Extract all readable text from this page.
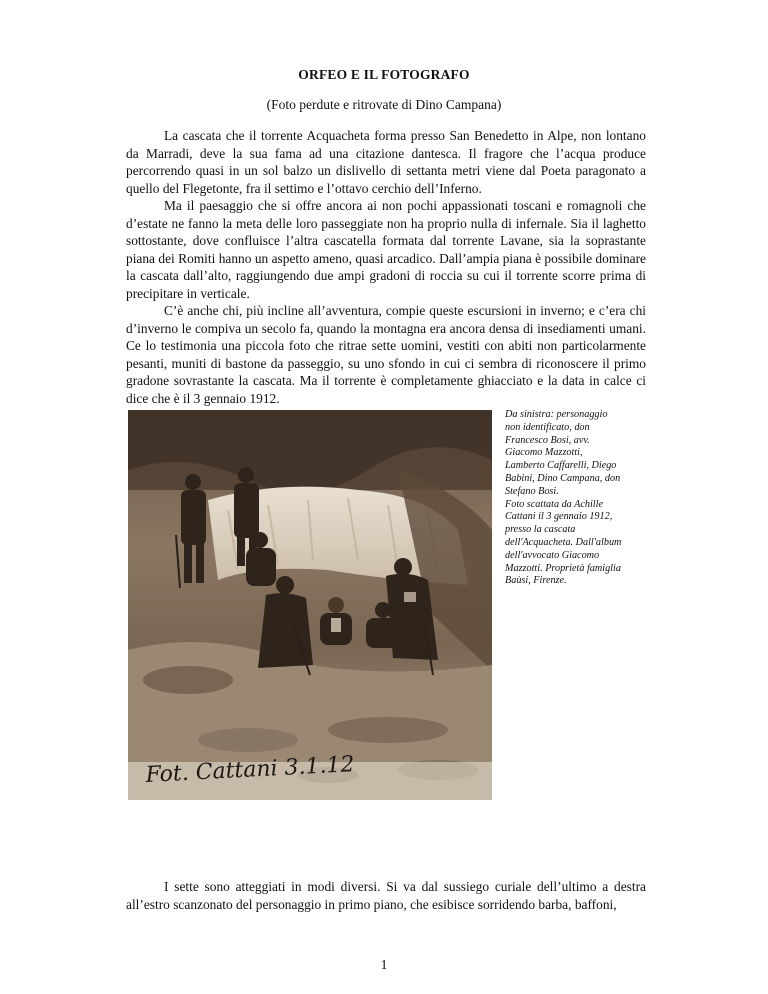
ORFEO E IL FOTOGRAFO
(Foto perdute e ritrovate di Dino Campana)

La cascata che il torrente Acquacheta forma presso San Benedetto in Alpe, non lontano da Marradi, deve la sua fama ad una citazione dantesca. Il fragore che l’acqua produce percorrendo quasi in un sol balzo un dislivello di settanta metri viene dal Poeta paragonato a quello del Flegetonte, fra il settimo e l’ottavo cerchio dell’Inferno.

Ma il paesaggio che si offre ancora ai non pochi appassionati toscani e romagnoli che d’estate ne fanno la meta delle loro passeggiate non ha proprio nulla di infernale. Sia il laghetto sottostante, dove confluisce l’altra cascatella formata dal torrente Lavane, sia la soprastante piana dei Romiti hanno un aspetto ameno, quasi arcadico. Dall’ampia piana è possibile dominare la cascata dall’alto, raggiungendo due ampi gradoni di roccia su cui il torrente scorre prima di precipitare in verticale.

C’è anche chi, più incline all’avventura, compie queste escursioni in inverno; e c’era chi d’inverno le compiva un secolo fa, quando la montagna era ancora densa di insediamenti umani. Ce lo testimonia una piccola foto che ritrae sette uomini, vestiti con abiti non particolarmente pesanti, muniti di bastone da passeggio, su uno sfondo in cui ci sembra di riconoscere il primo gradone sovrastante la cascata. Ma il torrente è completamente ghiacciato e la data in calce ci dice che è il 3 gennaio 1912.

Fot. Cattani 3.1.12
Da sinistra: personaggio
non identificato, don
Francesco Bosi, avv.
Giacomo Mazzotti,
Lamberto Caffarelli, Diego
Babini, Dino Campana, don
Stefano Bosi.
Foto scattata da Achille
Cattani il 3 gennaio 1912,
presso la cascata
dell'Acquacheta. Dall'album
dell'avvocato Giacomo
Mazzotti. Proprietà famiglia
Baùsi, Firenze.

I sette sono atteggiati in modi diversi. Si va dal sussiego curiale dell’ultimo a destra all’estro scanzonato del personaggio in primo piano, che esibisce sorridendo barba, baffoni,

1
